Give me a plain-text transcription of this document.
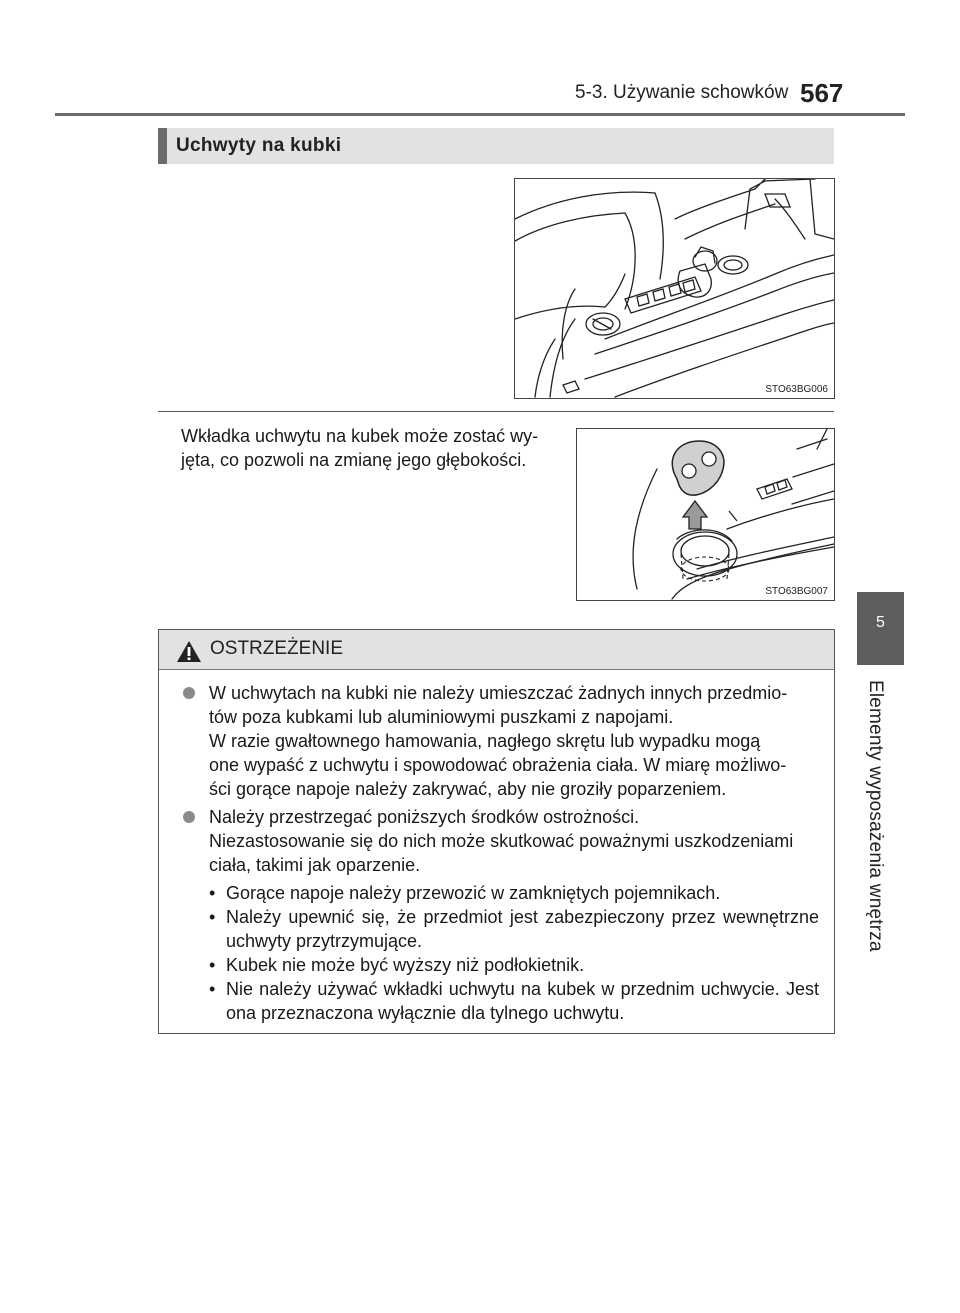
5-3. Używanie schowków 567
5
Elementy wyposażenia wnętrza
Uchwyty na kubki
STO63BG006
Wkładka uchwytu na kubek może zostać wy-
jęta, co pozwoli na zmianę jego głębokości.
STO63BG007
OSTRZEŻENIE
W uchwytach na kubki nie należy umieszczać żadnych innych przedmio-
tów poza kubkami lub aluminiowymi puszkami z napojami.
W razie gwałtownego hamowania, nagłego skrętu lub wypadku mogą
one wypaść z uchwytu i spowodować obrażenia ciała. W miarę możliwo-
ści gorące napoje należy zakrywać, aby nie groziły poparzeniem.
Należy przestrzegać poniższych środków ostrożności.
Niezastosowanie się do nich może skutkować poważnymi uszkodzeniami
ciała, takimi jak oparzenie.
• Gorące napoje należy przewozić w zamkniętych pojemnikach.
• Należy upewnić się, że przedmiot jest zabezpieczony przez wewnętrzne uchwyty przytrzymujące.
• Kubek nie może być wyższy niż podłokietnik.
• Nie należy używać wkładki uchwytu na kubek w przednim uchwycie. Jest ona przeznaczona wyłącznie dla tylnego uchwytu.
